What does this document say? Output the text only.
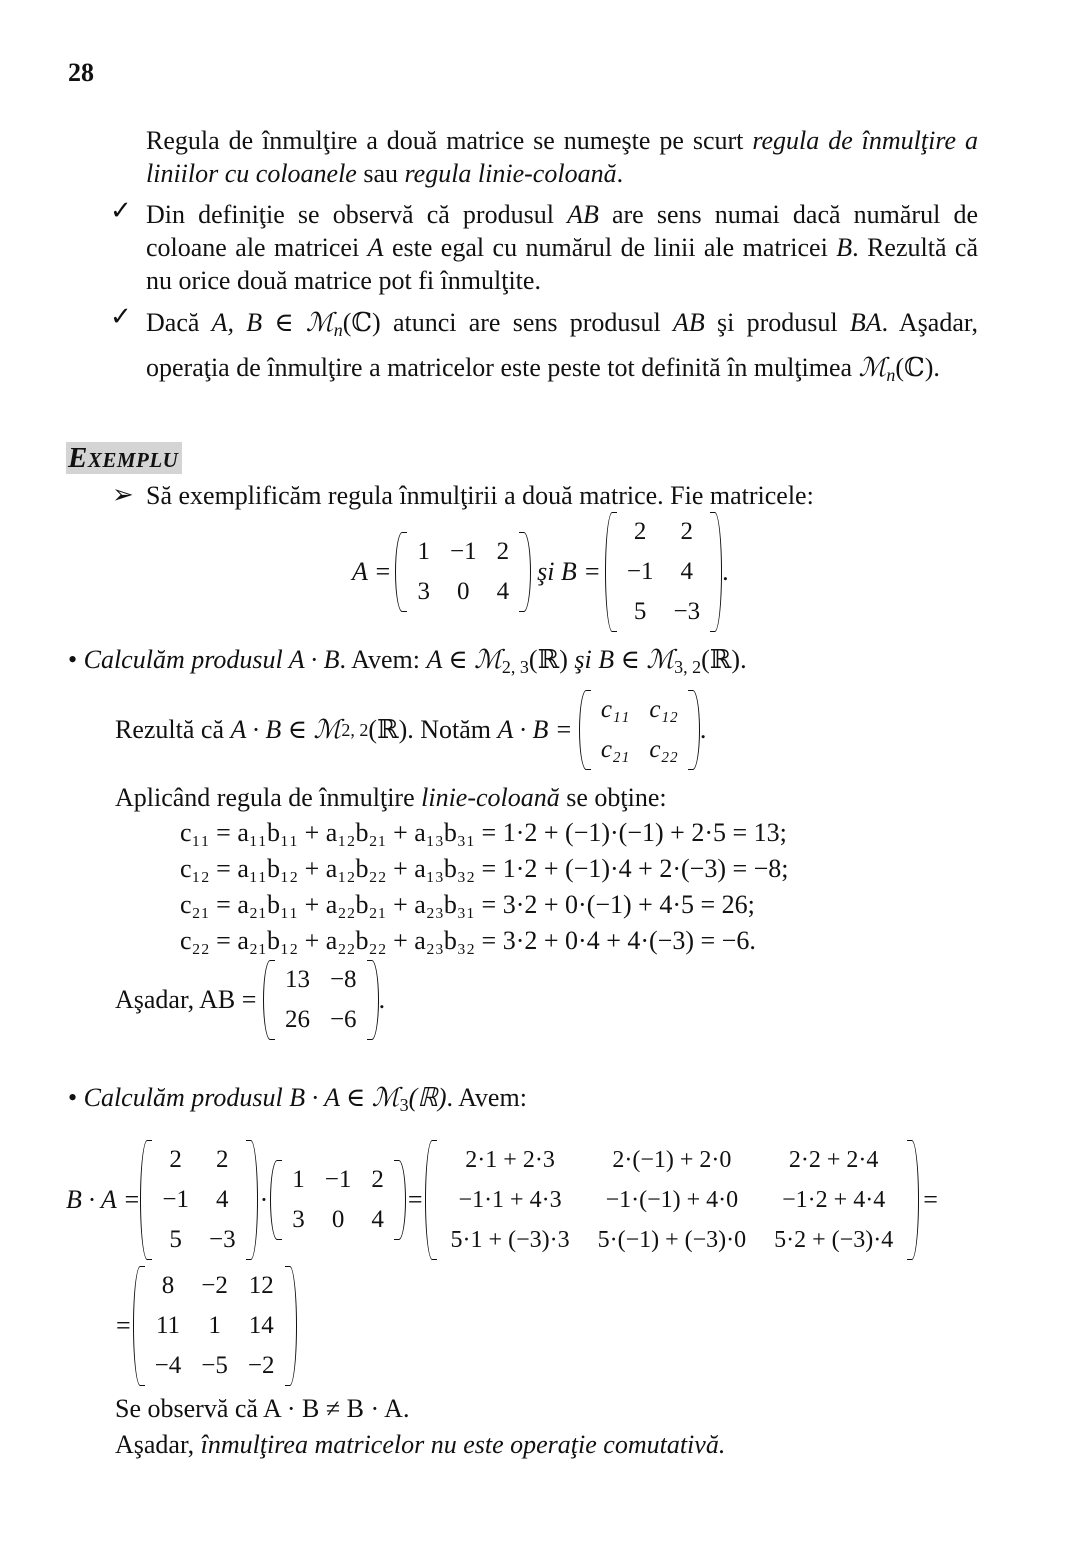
28
Regula de înmulţire a două matrice se numeşte pe scurt regula de înmulţire a liniilor cu coloanele sau regula linie-coloană.
✓ Din definiţie se observă că produsul AB are sens numai dacă numărul de coloane ale matricei A este egal cu numărul de linii ale matricei B. Rezultă că nu orice două matrice pot fi înmulţite.
✓ Dacă A, B ∈ ℳ$_n$(ℂ) atunci are sens produsul AB şi produsul BA. Aşadar, operaţia de înmulţire a matricelor este peste tot definită în mulţimea ℳ$_n$(ℂ).
EXEMPLU
➢ Să exemplificăm regula înmulţirii a două matrice. Fie matricele:
A =
1	−1	2
3	0	4
şi B =
2	2
−1	4
5	−3
.
• Calculăm produsul A · B. Avem: A ∈ ℳ$_{2, 3}$(ℝ) şi B ∈ ℳ$_{3, 2}$(ℝ).
Rezultă că
A · B ∈ ℳ 2, 2 (ℝ). Notăm
A · B =

c₁₁	c₁₂
c₂₁	c₂₂
.
Aplicând regula de înmulţire linie-coloană se obţine:
c₁₁ = a₁₁b₁₁ + a₁₂b₂₁ + a₁₃b₃₁ = 1·2 + (−1)·(−1) + 2·5 = 13;
c₁₂ = a₁₁b₁₂ + a₁₂b₂₂ + a₁₃b₃₂ = 1·2 + (−1)·4 + 2·(−3) = −8;
c₂₁ = a₂₁b₁₁ + a₂₂b₂₁ + a₂₃b₃₁ = 3·2 + 0·(−1) + 4·5 = 26;
c₂₂ = a₂₁b₁₂ + a₂₂b₂₂ + a₂₃b₃₂ = 3·2 + 0·4 + 4·(−3) = −6.
Aşadar, AB =

13	−8
26	−6
.
• Calculăm produsul B · A ∈ ℳ$_3$(ℝ). Avem:
B · A =
2	2
−1	4
5	−3
·
1	−1	2
3	0	4
=
2·1 + 2·3	2·(−1) + 2·0	2·2 + 2·4
−1·1 + 4·3	−1·(−1) + 4·0	−1·2 + 4·4
5·1 + (−3)·3	5·(−1) + (−3)·0	5·2 + (−3)·4
=
=
8	−2	12
11	1	14
−4	−5	−2
Se observă că A · B ≠ B · A.
Aşadar, înmulţirea matricelor nu este operaţie comutativă.
